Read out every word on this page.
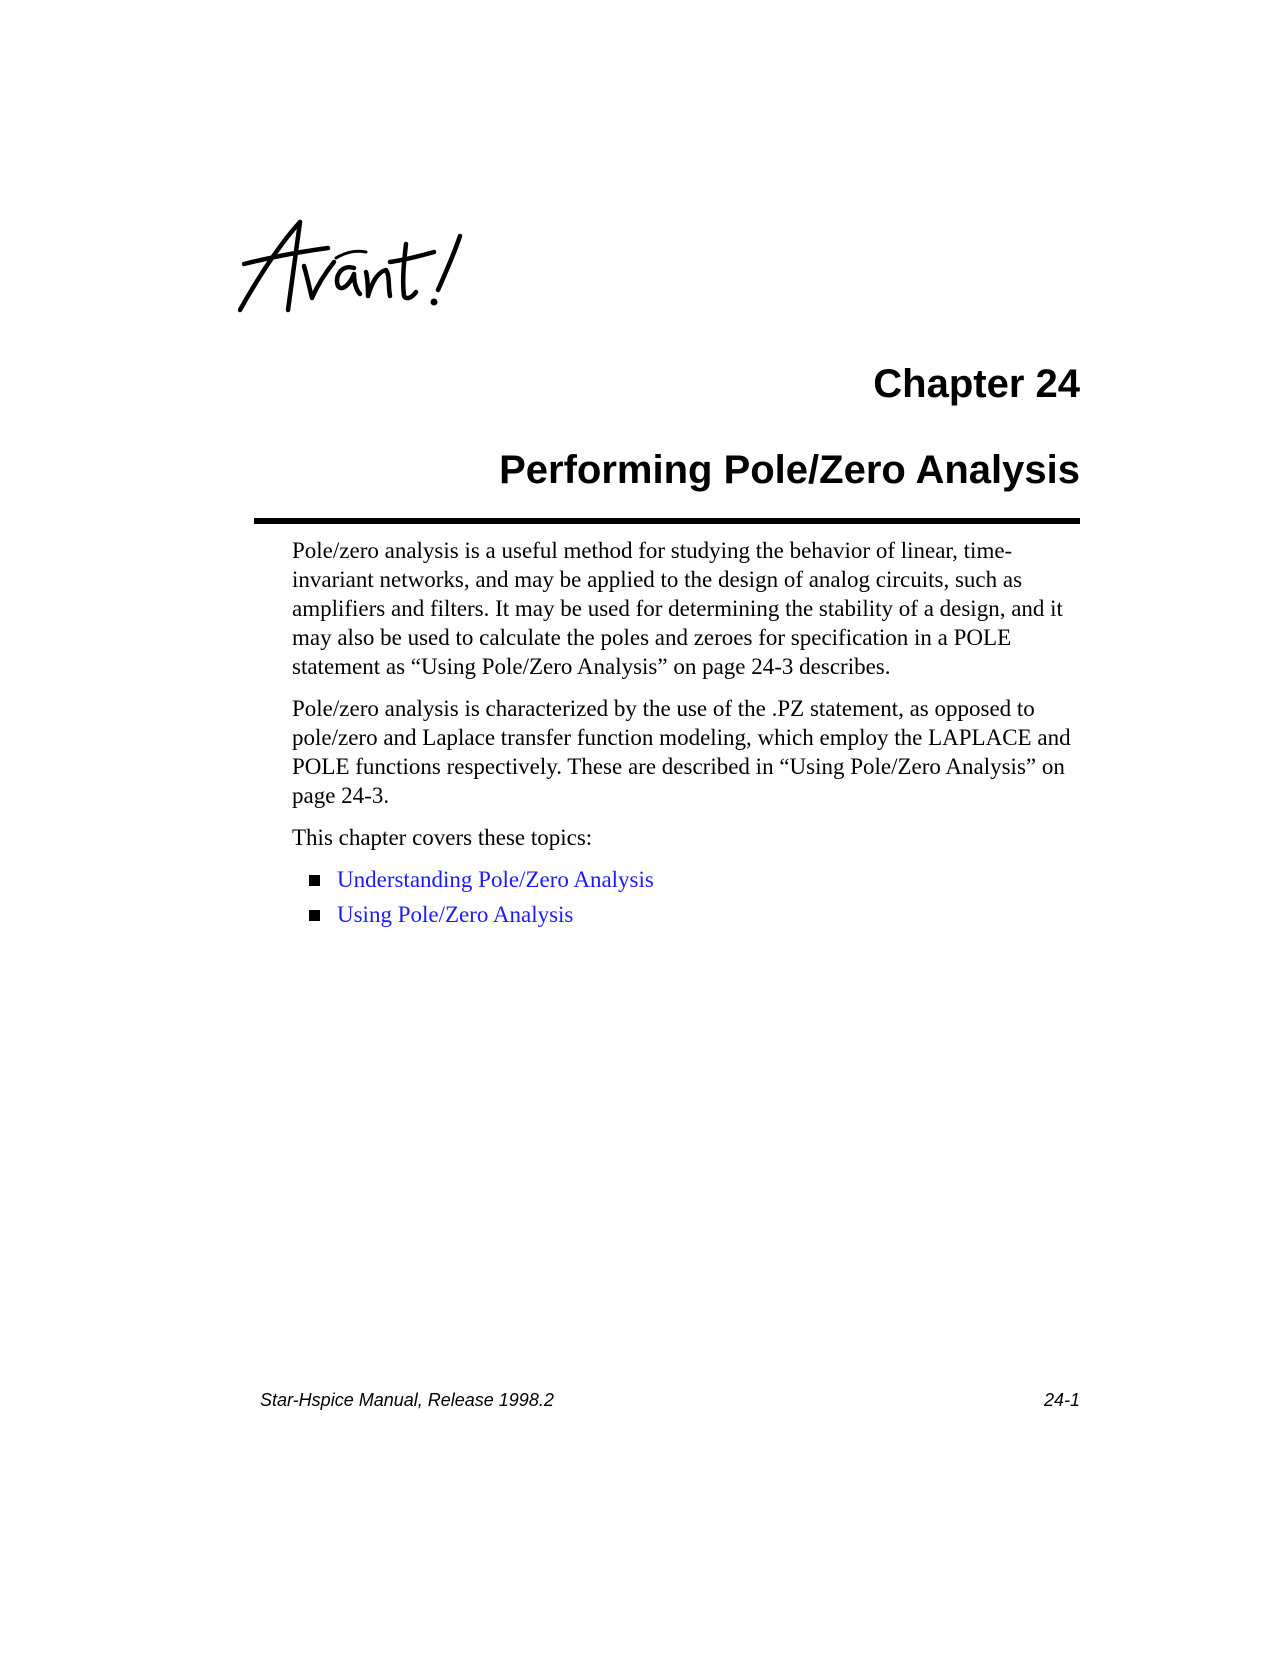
Chapter 24
Performing Pole/Zero Analysis

Pole/zero analysis is a useful method for studying the behavior of linear, time-invariant networks, and may be applied to the design of analog circuits, such as amplifiers and filters. It may be used for determining the stability of a design, and it may also be used to calculate the poles and zeroes for specification in a POLE statement as “Using Pole/Zero Analysis” on page 24-3 describes.

Pole/zero analysis is characterized by the use of the .PZ statement, as opposed to pole/zero and Laplace transfer function modeling, which employ the LAPLACE and POLE functions respectively. These are described in “Using Pole/Zero Analysis” on page 24-3.

This chapter covers these topics:

Understanding Pole/Zero Analysis
Using Pole/Zero Analysis
Star-Hspice Manual, Release 1998.2	24-1
